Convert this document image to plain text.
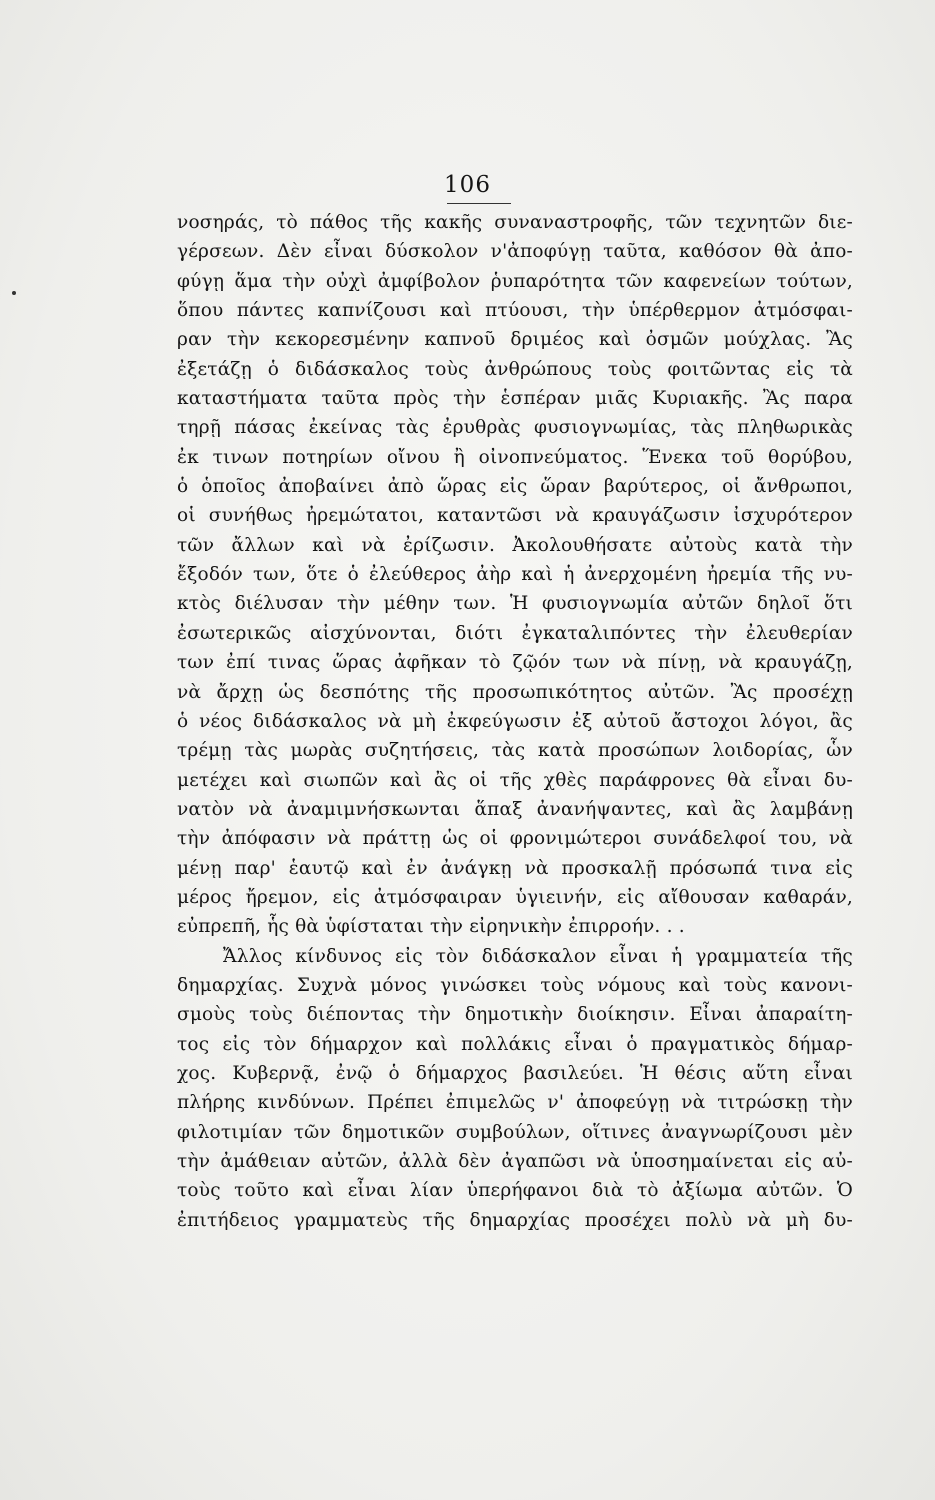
106
νοσηράς, τὸ πάθος τῆς κακῆς συναναστροφῆς, τῶν τεχνητῶν διε-
γέρσεων. Δὲν εἶναι δύσκολον ν'ἀποφύγῃ ταῦτα, καθόσον θὰ ἀπο-
φύγῃ ἅμα τὴν οὐχὶ ἀμφίβολον ῥυπαρότητα τῶν καφενείων τούτων,
ὅπου πάντες καπνίζουσι καὶ πτύουσι, τὴν ὑπέρθερμον ἀτμόσφαι-
ραν τὴν κεκορεσμένην καπνοῦ δριμέος καὶ ὀσμῶν μούχλας. Ἂς
ἐξετάζῃ ὁ διδάσκαλος τοὺς ἀνθρώπους τοὺς φοιτῶντας εἰς τὰ
καταστήματα ταῦτα πρὸς τὴν ἑσπέραν μιᾶς Κυριακῆς. Ἂς παρα
τηρῇ πάσας ἐκείνας τὰς ἐρυθρὰς φυσιογνωμίας, τὰς πληθωρικὰς
ἐκ τινων ποτηρίων οἴνου ἢ οἰνοπνεύματος. Ἕνεκα τοῦ θορύβου,
ὁ ὁποῖος ἀποβαίνει ἀπὸ ὥρας εἰς ὥραν βαρύτερος, οἱ ἄνθρωποι,
οἱ συνήθως ἠρεμώτατοι, καταντῶσι νὰ κραυγάζωσιν ἰσχυρότερον
τῶν ἄλλων καὶ νὰ ἐρίζωσιν. Ἀκολουθήσατε αὐτοὺς κατὰ τὴν
ἔξοδόν των, ὅτε ὁ ἐλεύθερος ἀὴρ καὶ ἡ ἀνερχομένη ἠρεμία τῆς νυ-
κτὸς διέλυσαν τὴν μέθην των. Ἡ φυσιογνωμία αὐτῶν δηλοῖ ὅτι
ἐσωτερικῶς αἰσχύνονται, διότι ἐγκαταλιπόντες τὴν ἐλευθερίαν
των ἐπί τινας ὥρας ἀφῆκαν τὸ ζῷόν των νὰ πίνῃ, νὰ κραυγάζῃ,
νὰ ἄρχῃ ὡς δεσπότης τῆς προσωπικότητος αὐτῶν. Ἂς προσέχῃ
ὁ νέος διδάσκαλος νὰ μὴ ἐκφεύγωσιν ἐξ αὐτοῦ ἄστοχοι λόγοι, ἂς
τρέμῃ τὰς μωρὰς συζητήσεις, τὰς κατὰ προσώπων λοιδορίας, ὧν
μετέχει καὶ σιωπῶν καὶ ἂς οἱ τῆς χθὲς παράφρονες θὰ εἶναι δυ-
νατὸν νὰ ἀναμιμνήσκωνται ἅπαξ ἀνανήψαντες, καὶ ἂς λαμβάνῃ
τὴν ἀπόφασιν νὰ πράττῃ ὡς οἱ φρονιμώτεροι συνάδελφοί του, νὰ
μένῃ παρ' ἑαυτῷ καὶ ἐν ἀνάγκῃ νὰ προσκαλῇ πρόσωπά τινα εἰς
μέρος ἤρεμον, εἰς ἀτμόσφαιραν ὑγιεινήν, εἰς αἴθουσαν καθαράν,
εὐπρεπῆ, ἧς θὰ ὑφίσταται τὴν εἰρηνικὴν ἐπιρροήν. . .
Ἄλλος κίνδυνος εἰς τὸν διδάσκαλον εἶναι ἡ γραμματεία τῆς
δημαρχίας. Συχνὰ μόνος γινώσκει τοὺς νόμους καὶ τοὺς κανονι-
σμοὺς τοὺς διέποντας τὴν δημοτικὴν διοίκησιν. Εἶναι ἀπαραίτη-
τος εἰς τὸν δήμαρχον καὶ πολλάκις εἶναι ὁ πραγματικὸς δήμαρ-
χος. Κυβερνᾷ, ἐνῷ ὁ δήμαρχος βασιλεύει. Ἡ θέσις αὕτη εἶναι
πλήρης κινδύνων. Πρέπει ἐπιμελῶς ν' ἀποφεύγῃ νὰ τιτρώσκῃ τὴν
φιλοτιμίαν τῶν δημοτικῶν συμβούλων, οἵτινες ἀναγνωρίζουσι μὲν
τὴν ἀμάθειαν αὐτῶν, ἀλλὰ δὲν ἀγαπῶσι νὰ ὑποσημαίνεται εἰς αὐ-
τοὺς τοῦτο καὶ εἶναι λίαν ὑπερήφανοι διὰ τὸ ἀξίωμα αὐτῶν. Ὁ
ἐπιτήδειος γραμματεὺς τῆς δημαρχίας προσέχει πολὺ νὰ μὴ δυ-
